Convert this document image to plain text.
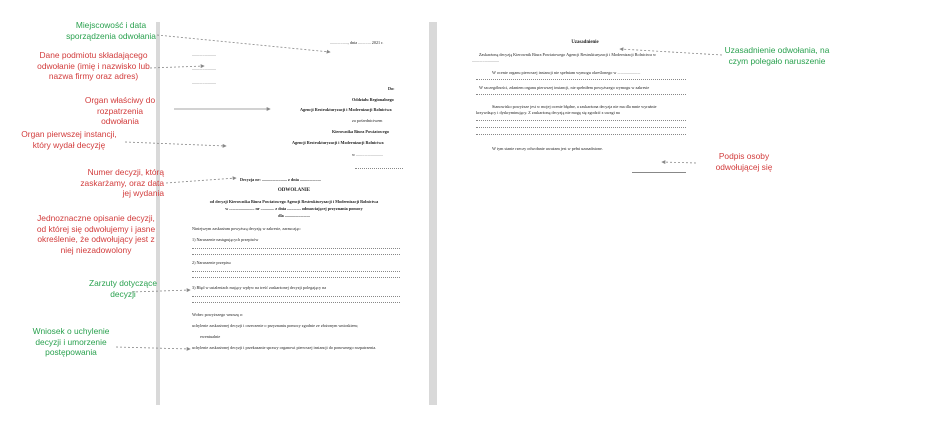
................., dnia ............ 2021 r.
.......................
.......................
.......................
Do:
Oddziału Regionalnego
Agencji Restrukturyzacji i Modernizacji Rolnictwa
za pośrednictwem
Kierownika Biura Powiatowego
Agencji Restrukturyzacji i Modernizacji Rolnictwa
w ..........................
Decyzja nr: ........................ z dnia ....................
ODWOŁANIE
od decyzji Kierownika Biura Powiatowego Agencji Restrukturyzacji i Modernizacji Rolnictwa
w ........................ nr ............. z dnia ............. odmawiającej przyznania pomocy
dla ........................
Niniejszym zaskarżam powyższą decyzję w zakresie, zarzucając:
1) Naruszenie następujących przepisów
2) Naruszenie przepisu
3) Błąd w ustaleniach mający wpływ na treść zaskarżonej decyzji polegający na
Wobec powyższego wnoszę o:
uchylenie zaskarżonej decyzji i orzeczenie o przyznaniu pomocy zgodnie ze złożonym wnioskiem;
ewentualnie
uchylenie zaskarżonej decyzji i przekazanie sprawy organowi pierwszej instancji do ponownego rozpatrzenia.
Uzasadnienie
Zaskarżoną decyzją Kierownik Biura Powiatowego Agencji Restrukturyzacji i Modernizacji Rolnictwa w
..........................
W ocenie organu pierwszej instancji nie spełniam wymogu określonego w ......................
W szczególności, zdaniem organu pierwszej instancji, nie spełniłem powyższego wymogu w zakresie
Stanowisko powyższe jest w mojej ocenie błędne, a zaskarżona decyzja nie ma dla mnie wyraźnie
krzywdzący i dyskryminujący. Z zaskarżoną decyzją nie mogę się zgodzić z uwagi na
W tym stanie rzeczy odwołanie uważam jest w pełni uzasadnione.
Miejscowość i data sporządzenia odwołania
Dane podmiotu składającego odwołanie (imię i nazwisko lub nazwa firmy oraz adres)
Organ właściwy do rozpatrzenia odwołania
Organ pierwszej instancji, który wydał decyzję
Numer decyzji, którą zaskarżamy, oraz data jej wydania
Jednoznaczne opisanie decyzji, od której się odwołujemy i jasne określenie, że odwołujący jest z niej niezadowolony
Zarzuty dotyczące decyzji
Wniosek o uchylenie decyzji i umorzenie postępowania
Uzasadnienie odwołania, na czym polegało naruszenie
Podpis osoby odwołującej się
